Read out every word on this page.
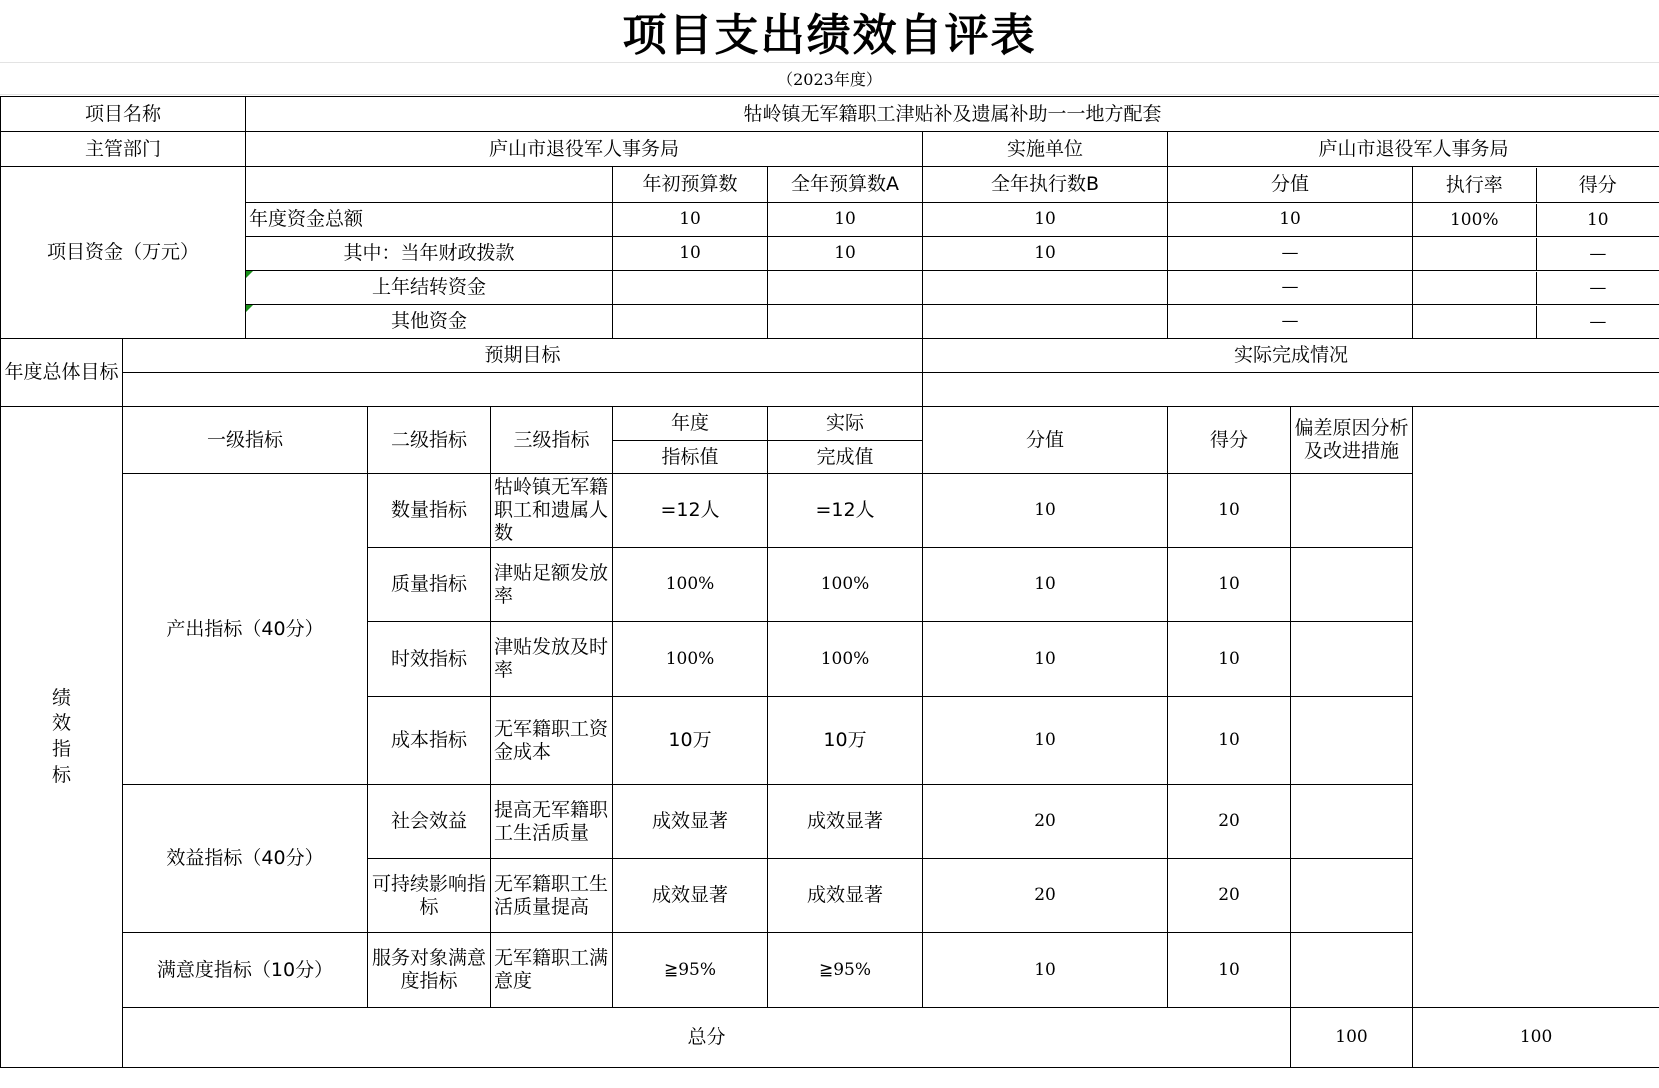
项目支出绩效自评表
（2023年度）
项目名称		牯岭镇无军籍职工津贴补及遗属补助一一地方配套									
主管部门		庐山市退役军人事务局					实施单位	庐山市退役军人事务局			
项目资金（万元）					年初预算数	全年预算数A	全年执行数B	分值		执行率 得分	

		年度资金总额			10	10	10	10		100% 10	

		其中：当年财政拨款			10	10	10	—		—	

		上年结转资金						—		—	

		其他资金						—		—	

年度总体目标	预期目标						实际完成情况				

绩效指标	一级指标		二级指标	三级指标	年度	实际	分值	得分	偏差原因分析及改进措施		
					指标值	完成值					
	产出指标（40分）		数量指标	牯岭镇无军籍职工和遗属人数	=12人	=12人	10	10			
			质量指标	津贴足额发放率	100%	100%	10	10			
			时效指标	津贴发放及时率	100%	100%	10	10			
			成本指标	无军籍职工资金成本	10万	10万	10	10			
	效益指标（40分）		社会效益	提高无军籍职工生活质量	成效显著	成效显著	20	20			
			可持续影响指标	无军籍职工生活质量提高	成效显著	成效显著	20	20			
	满意度指标（10分）		服务对象满意度指标	无军籍职工满意度	≧95%	≧95%	10	10			
	总分								100	100	
